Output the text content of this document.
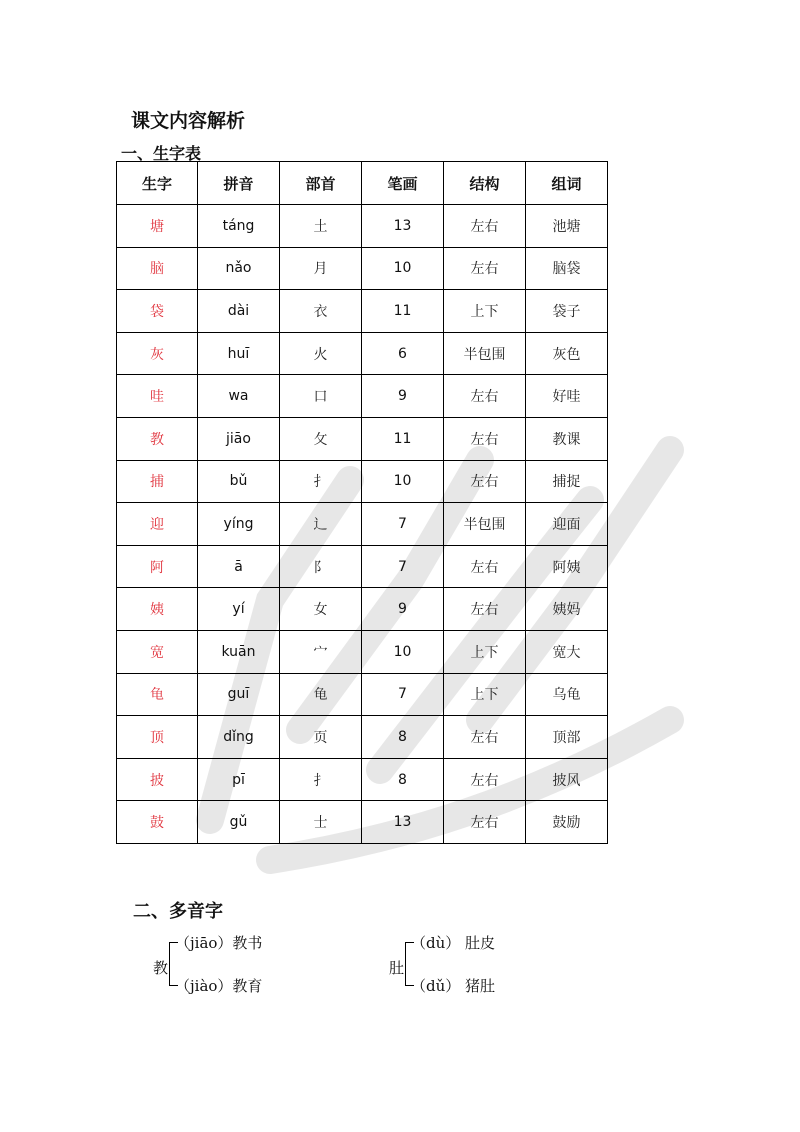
课文内容解析
一、生字表
生字	拼音	部首	笔画	结构	组词
塘	táng	土	13	左右	池塘
脑	nǎo	月	10	左右	脑袋
袋	dài	衣	11	上下	袋子
灰	huī	火	6	半包围	灰色
哇	wa	口	9	左右	好哇
教	jiāo	攵	11	左右	教课
捕	bǔ	扌	10	左右	捕捉
迎	yíng	辶	7	半包围	迎面
阿	ā	阝	7	左右	阿姨
姨	yí	女	9	左右	姨妈
宽	kuān	宀	10	上下	宽大
龟	guī	龟	7	上下	乌龟
顶	dǐng	页	8	左右	顶部
披	pī	扌	8	左右	披风
鼓	gǔ	士	13	左右	鼓励
二、多音字
教
（jiāo）教书
（jiào）教育
肚
（dù） 肚皮
（dǔ） 猪肚
